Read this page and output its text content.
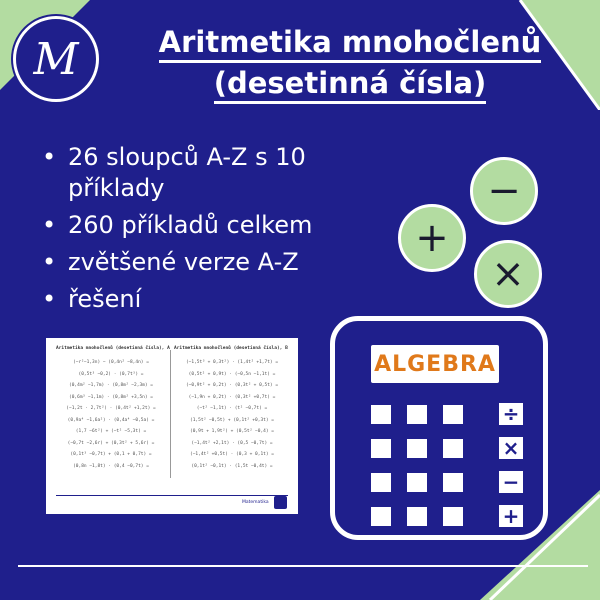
M	Aritmetika mnohočlenů
(desetinná čísla)
• 26 sloupců A-Z s 10 příklady
• 260 příkladů celkem
• zvětšené verze A-Z
• řešení
+
−
×
Aritmetika mnohočlenů (desetinná čísla), A
(−r²−1,3n) − (0,4n² −8,4n) =
(0,5t³ −0,2) · (0,7t³) =
(0,4m² −1,7m) · (0,8m² −2,3m) =
(0,6m³ −1,1m) · (0,8m² +3,5n) =
(−1,2t · 2,7t²) · (0,4t² +1,2t) =
(0,9a⁴ −1,6a²) · (0,4a⁴ −0,5a) =
(1,7 −6t²) + (−t² −5,3t) =
(−0,7t −2,6r) + (0,3t² + 5,6r) =
(0,1t³ −0,7t) + (0,1 + 0,7t) =
(0,8n −1,8t) · (0,4 −0,7t) =
Aritmetika mnohočlenů (desetinná čísla), B
(−1,5t³ + 0,3t²) · (1,4t² +1,7t) =
(0,5t² + 0,9t) · (−0,5n −1,1t) =
(−0,9t² + 0,2t) · (0,3t² + 0,5t) =
(−1,9n + 0,2t) · (0,3t² +0,7t) =
(−t² −1,1t) · (t² −0,7t) =
(1,5t² −0,5t) + (0,1t² +0,3t) =
(0,9t + 1,9t²) + (0,5t² −0,4) =
(−1,4t² +2,1t) · (0,5 −0,7t) =
(−1,4t² +0,5t) · (0,3 + 0,1t) =
(0,1t² −0,1t) · (1,5t −0,4t) =
Matematika
ALGEBRA
÷
×
−
+
